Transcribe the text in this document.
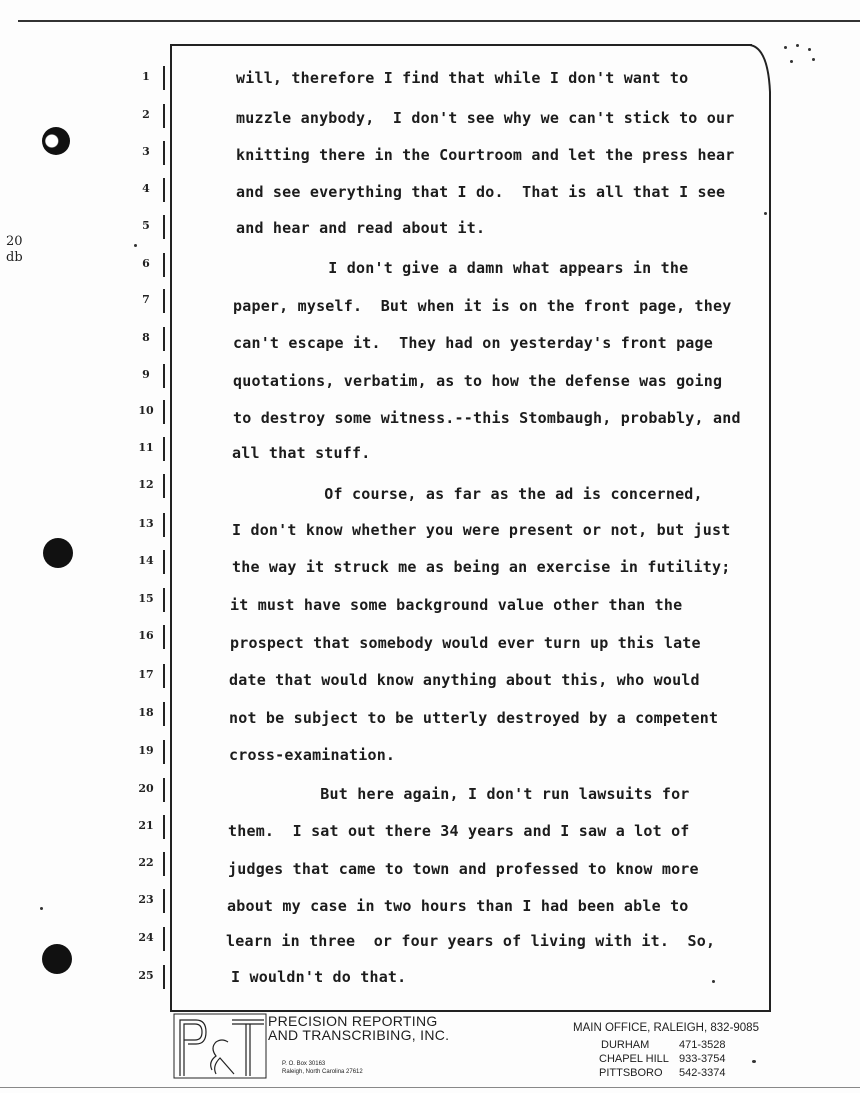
20
db
1	will, therefore I find that while I don't want to
2	muzzle anybody,  I don't see why we can't stick to our
3	knitting there in the Courtroom and let the press hear
4	and see everything that I do.  That is all that I see
5	and hear and read about it.
6	I don't give a damn what appears in the
7	paper, myself.  But when it is on the front page, they
8	can't escape it.  They had on yesterday's front page
9	quotations, verbatim, as to how the defense was going
10	to destroy some witness.--this Stombaugh, probably, and
11	all that stuff.
12
Of course, as far as the ad is concerned,
13	I don't know whether you were present or not, but just
14	the way it struck me as being an exercise in futility;
15	it must have some background value other than the
16	prospect that somebody would ever turn up this late
17	date that would know anything about this, who would
18	not be subject to be utterly destroyed by a competent
19	cross-examination.
20	But here again, I don't run lawsuits for
21	them.  I sat out there 34 years and I saw a lot of
22	judges that came to town and professed to know more
23	about my case in two hours than I had been able to
24	learn in three  or four years of living with it.  So,
25	I wouldn't do that.
PRECISION REPORTING
AND TRANSCRIBING, INC.
P. O. Box 30163
Raleigh, North Carolina 27612
MAIN OFFICE, RALEIGH, 832-9085
DURHAM	471-3528
CHAPEL HILL 933-3754
PITTSBORO 542-3374
